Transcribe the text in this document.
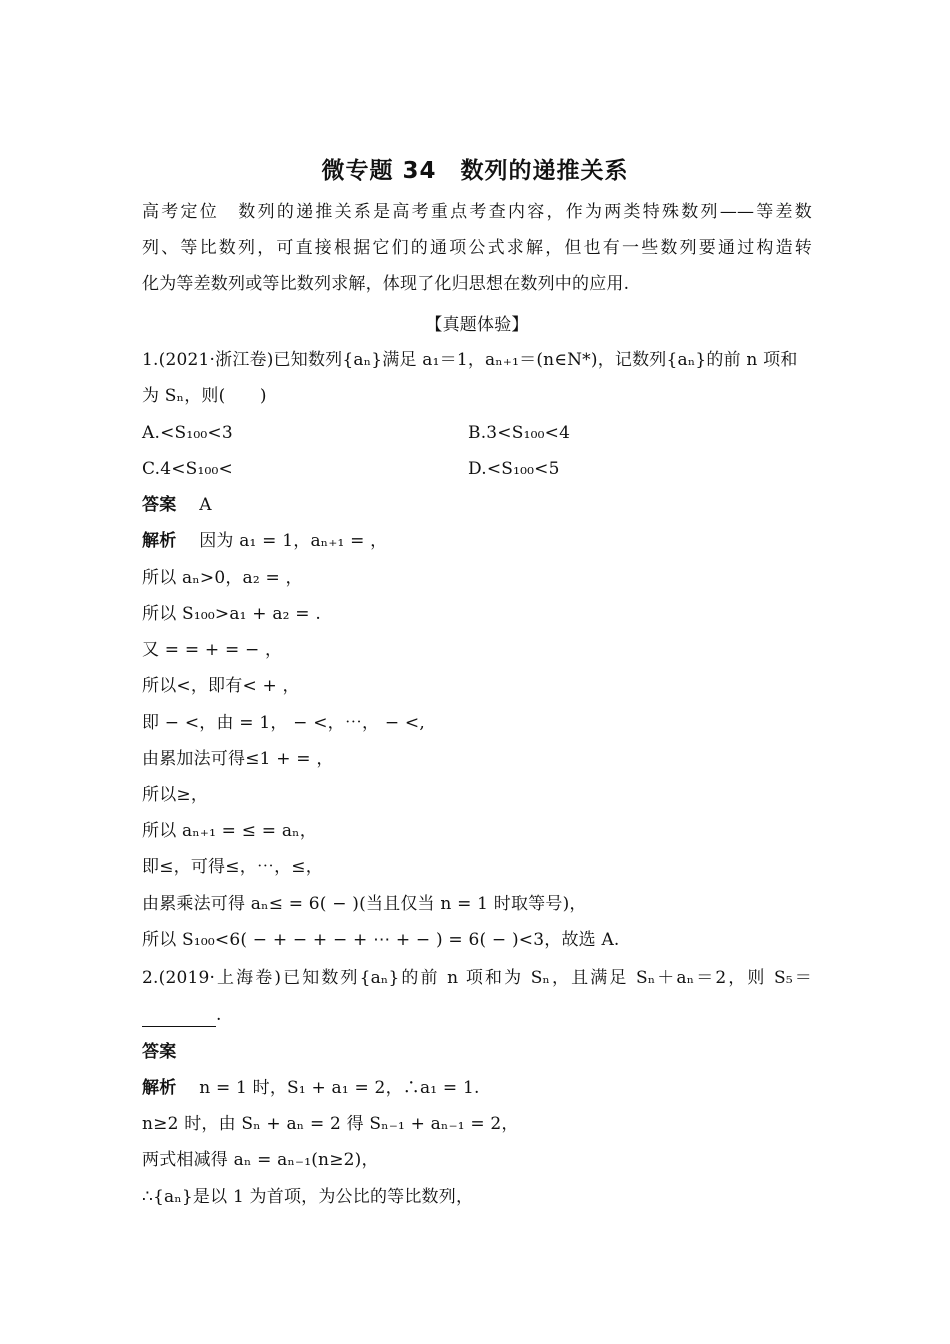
微专题 34　数列的递推关系
高考定位　数列的递推关系是高考重点考查内容，作为两类特殊数列——等差数
列、等比数列，可直接根据它们的通项公式求解，但也有一些数列要通过构造转
化为等差数列或等比数列求解，体现了化归思想在数列中的应用.
【真题体验】
1.(2021·浙江卷)已知数列{aₙ}满足 a₁＝1，aₙ₊₁＝(n∈N*)，记数列{aₙ}的前 n 项和
为 Sₙ，则(　　)
A.<S₁₀₀<3	B.3<S₁₀₀<4
C.4<S₁₀₀<	D.<S₁₀₀<5
答案　 A
解析　 因为 a₁ = 1，aₙ₊₁ = ，
所以 aₙ>0，a₂ = ，
所以 S₁₀₀>a₁ + a₂ = .
又 = = + = − ，
所以<，即有< + ，
即 − <，由 = 1， − <，⋯， − <,
由累加法可得≤1 + = ，
所以≥，
所以 aₙ₊₁ = ≤ = aₙ，
即≤，可得≤，⋯，≤，
由累乘法可得 aₙ≤ = 6( − )(当且仅当 n = 1 时取等号)，
所以 S₁₀₀<6( − + − + − + ⋯ + − ) = 6( − )<3，故选 A.
2.(2019·上海卷)已知数列{aₙ}的前 n 项和为 Sₙ，且满足 Sₙ＋aₙ＝2，则 S₅＝
.
答案
解析　 n = 1 时，S₁ + a₁ = 2，∴a₁ = 1.
n≥2 时，由 Sₙ + aₙ = 2 得 Sₙ₋₁ + aₙ₋₁ = 2，
两式相减得 aₙ = aₙ₋₁(n≥2)，
∴{aₙ}是以 1 为首项，为公比的等比数列，
